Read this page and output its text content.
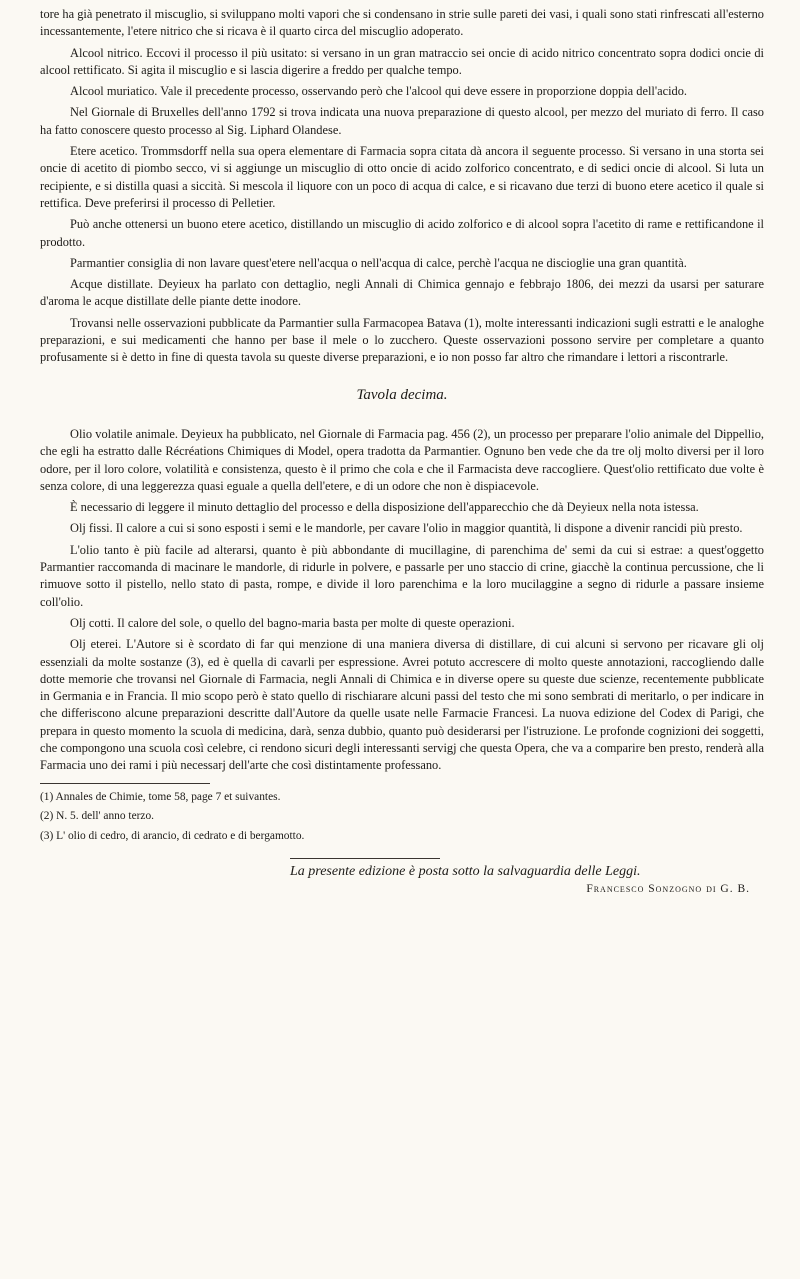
tore ha già penetrato il miscuglio, si sviluppano molti vapori che si condensano in strie sulle pareti dei vasi, i quali sono stati rinfrescati all'esterno incessantemente, l'etere nitrico che si ricava è il quarto circa del miscuglio adoperato.

Alcool nitrico. Eccovi il processo il più usitato: si versano in un gran matraccio sei oncie di acido nitrico concentrato sopra dodici oncie di alcool rettificato. Si agita il miscuglio e si lascia digerire a freddo per qualche tempo.

Alcool muriatico. Vale il precedente processo, osservando però che l'alcool qui deve essere in proporzione doppia dell'acido.

Nel Giornale di Bruxelles dell'anno 1792 si trova indicata una nuova preparazione di questo alcool, per mezzo del muriato di ferro. Il caso ha fatto conoscere questo processo al Sig. Liphard Olandese.

Etere acetico. Trommsdorff nella sua opera elementare di Farmacia sopra citata dà ancora il seguente processo. Si versano in una storta sei oncie di acetito di piombo secco, vi si aggiunge un miscuglio di otto oncie di acido zolforico concentrato, e di sedici oncie di alcool. Si luta un recipiente, e si distilla quasi a siccità. Si mescola il liquore con un poco di acqua di calce, e si ricavano due terzi di buono etere acetico il quale si rettifica. Deve preferirsi il processo di Pelletier.

Può anche ottenersi un buono etere acetico, distillando un miscuglio di acido zolforico e di alcool sopra l'acetito di rame e rettificandone il prodotto.

Parmantier consiglia di non lavare quest'etere nell'acqua o nell'acqua di calce, perchè l'acqua ne discioglie una gran quantità.

Acque distillate. Deyieux ha parlato con dettaglio, negli Annali di Chimica gennajo e febbrajo 1806, dei mezzi da usarsi per saturare d'aroma le acque distillate delle piante dette inodore.

Trovansi nelle osservazioni pubblicate da Parmantier sulla Farmacopea Batava (1), molte interessanti indicazioni sugli estratti e le analoghe preparazioni, e sui medicamenti che hanno per base il mele o lo zucchero. Queste osservazioni possono servire per completare a quanto profusamente si è detto in fine di questa tavola su queste diverse preparazioni, e io non posso far altro che rimandare i lettori a riscontrarle.

Tavola decima.

Olio volatile animale. Deyieux ha pubblicato, nel Giornale di Farmacia pag. 456 (2), un processo per preparare l'olio animale del Dippellio, che egli ha estratto dalle Récréations Chimiques di Model, opera tradotta da Parmantier. Ognuno ben vede che da tre olj molto diversi per il loro odore, per il loro colore, volatilità e consistenza, questo è il primo che cola e che il Farmacista deve raccogliere. Quest'olio rettificato due volte è senza colore, di una leggerezza quasi eguale a quella dell'etere, e di un odore che non è dispiacevole.

È necessario di leggere il minuto dettaglio del processo e della disposizione dell'apparecchio che dà Deyieux nella nota istessa.

Olj fissi. Il calore a cui si sono esposti i semi e le mandorle, per cavare l'olio in maggior quantità, li dispone a divenir rancidi più presto.

L'olio tanto è più facile ad alterarsi, quanto è più abbondante di mucillagine, di parenchima de' semi da cui si estrae: a quest'oggetto Parmantier raccomanda di macinare le mandorle, di ridurle in polvere, e passarle per uno staccio di crine, giacchè la continua percussione, che li rimuove sotto il pistello, nello stato di pasta, rompe, e divide il loro parenchima e la loro mucilaggine a segno di ridurle a passare insieme coll'olio.

Olj cotti. Il calore del sole, o quello del bagno-maria basta per molte di queste operazioni.

Olj eterei. L'Autore si è scordato di far qui menzione di una maniera diversa di distillare, di cui alcuni si servono per ricavare gli olj essenziali da molte sostanze (3), ed è quella di cavarli per espressione. Avrei potuto accrescere di molto queste annotazioni, raccogliendo dalle dotte memorie che trovansi nel Giornale di Farmacia, negli Annali di Chimica e in diverse opere su queste due scienze, recentemente pubblicate in Germania e in Francia. Il mio scopo però è stato quello di rischiarare alcuni passi del testo che mi sono sembrati di meritarlo, o per indicare in che differiscono alcune preparazioni descritte dall'Autore da quelle usate nelle Farmacie Francesi. La nuova edizione del Codex di Parigi, che prepara in questo momento la scuola di medicina, darà, senza dubbio, quanto può desiderarsi per l'istruzione. Le profonde cognizioni dei soggetti, che compongono una scuola così celebre, ci rendono sicuri degli interessanti servigj che questa Opera, che va a comparire ben presto, renderà alla Farmacia uno dei rami i più necessarj dell'arte che così distintamente professano.

(1) Annales de Chimie, tome 58, page 7 et suivantes.

(2) N. 5. dell' anno terzo.

(3) L' olio di cedro, di arancio, di cedrato e di bergamotto.

La presente edizione è posta sotto la salvaguardia delle Leggi.
Francesco Sonzogno di G. B.
